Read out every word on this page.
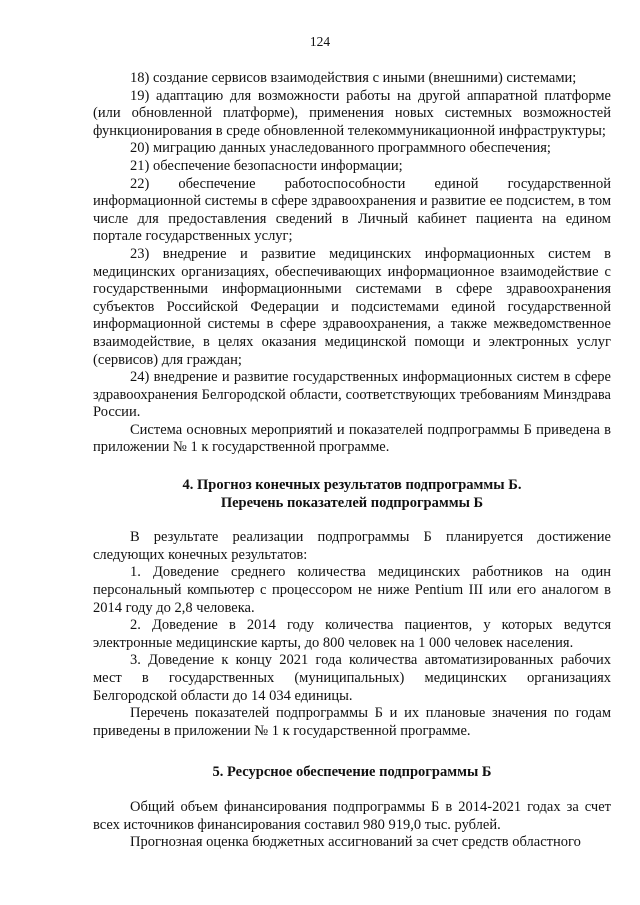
124

18) создание сервисов взаимодействия с иными (внешними) системами;

19) адаптацию для возможности работы на другой аппаратной платформе (или обновленной платформе), применения новых системных возможностей функционирования в среде обновленной телекоммуникационной инфраструктуры;

20) миграцию данных унаследованного программного обеспечения;

21) обеспечение безопасности информации;

22) обеспечение работоспособности единой государственной информационной системы в сфере здравоохранения и развитие ее подсистем, в том числе для предоставления сведений в Личный кабинет пациента на едином портале государственных услуг;

23) внедрение и развитие медицинских информационных систем в медицинских организациях, обеспечивающих информационное взаимодействие с государственными информационными системами в сфере здравоохранения субъектов Российской Федерации и подсистемами единой государственной информационной системы в сфере здравоохранения, а также межведомственное взаимодействие, в целях оказания медицинской помощи и электронных услуг (сервисов) для граждан;

24) внедрение и развитие государственных информационных систем в сфере здравоохранения Белгородской области, соответствующих требованиям Минздрава России.

Система основных мероприятий и показателей подпрограммы Б приведена в приложении № 1 к государственной программе.

4. Прогноз конечных результатов подпрограммы Б.

Перечень показателей подпрограммы Б

В результате реализации подпрограммы Б планируется достижение следующих конечных результатов:

1. Доведение среднего количества медицинских работников на один персональный компьютер с процессором не ниже Pentium III или его аналогом в 2014 году до 2,8 человека.

2. Доведение в 2014 году количества пациентов, у которых ведутся электронные медицинские карты, до 800 человек на 1 000 человек населения.

3. Доведение к концу 2021 года количества автоматизированных рабочих мест в государственных (муниципальных) медицинских организациях Белгородской области до 14 034 единицы.

Перечень показателей подпрограммы Б и их плановые значения по годам приведены в приложении № 1 к государственной программе.

5. Ресурсное обеспечение подпрограммы Б

Общий объем финансирования подпрограммы Б в 2014-2021 годах за счет всех источников финансирования составил 980 919,0 тыс. рублей.

Прогнозная оценка бюджетных ассигнований за счет средств областного
